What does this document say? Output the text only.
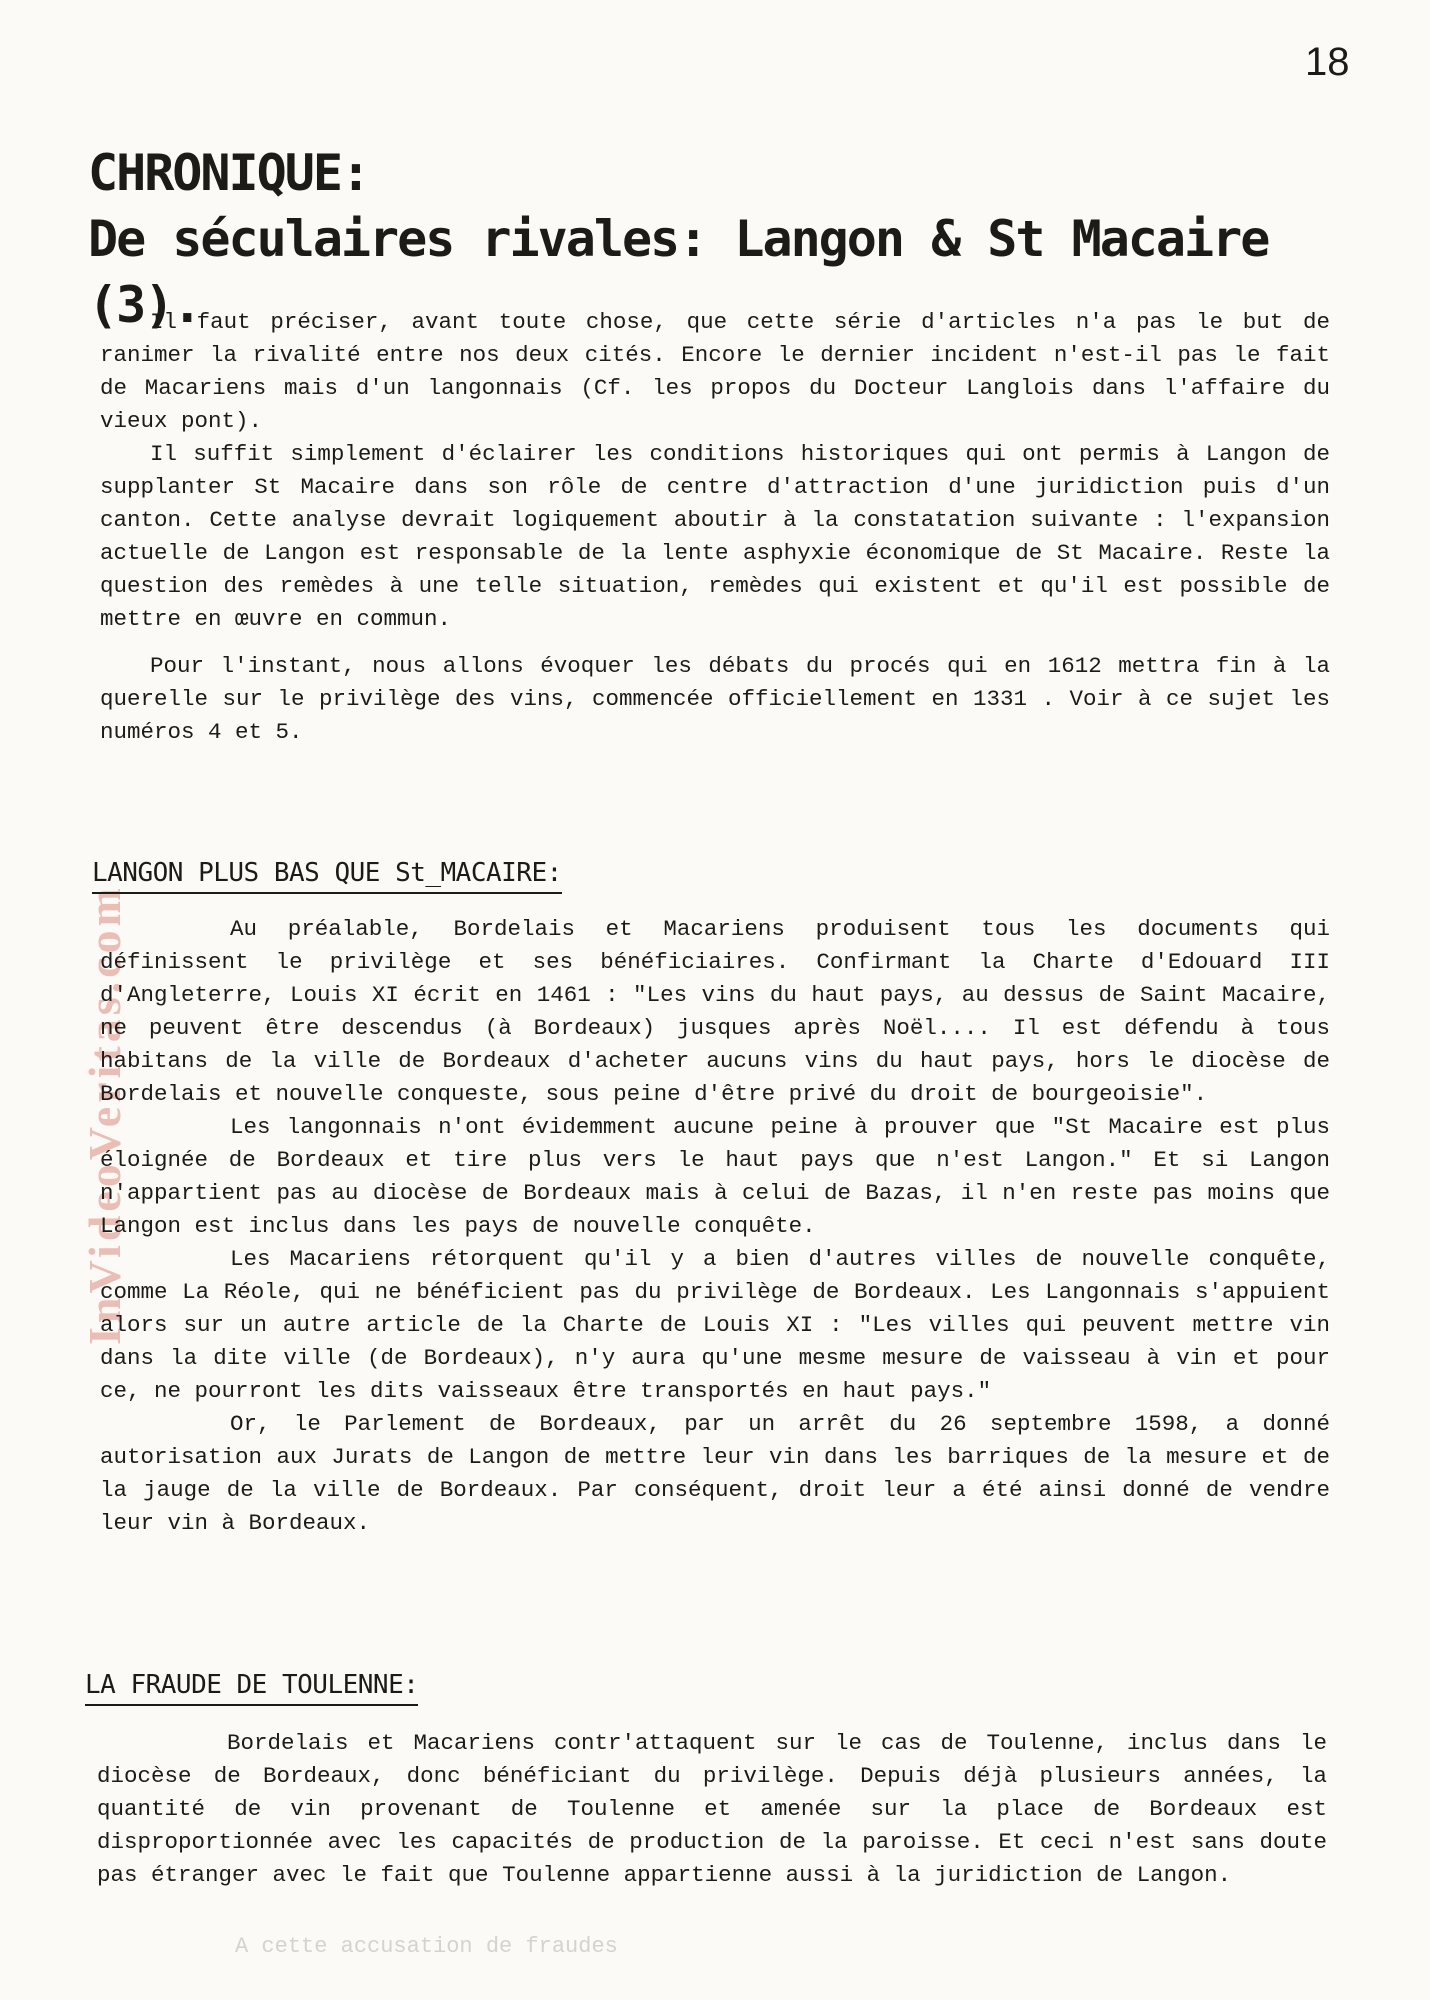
18
CHRONIQUE:
De séculaires rivales: Langon & St Macaire (3).

Il faut préciser, avant toute chose, que cette série d'articles n'a pas le but de ranimer la rivalité entre nos deux cités. Encore le dernier incident n'est-il pas le fait de Macariens mais d'un langonnais (Cf. les propos du Docteur Langlois dans l'affaire du vieux pont).

Il suffit simplement d'éclairer les conditions historiques qui ont permis à Langon de supplanter St Macaire dans son rôle de centre d'attraction d'une juridiction puis d'un canton. Cette analyse devrait logiquement aboutir à la constatation suivante : l'expansion actuelle de Langon est responsable de la lente asphyxie économique de St Macaire. Reste la question des remèdes à une telle situation, remèdes qui existent et qu'il est possible de mettre en œuvre en commun.

Pour l'instant, nous allons évoquer les débats du procés qui en 1612 mettra fin à la querelle sur le privilège des vins, commencée officiellement en 1331 . Voir à ce sujet les numéros 4 et 5.

InVideoVeritas.com
LANGON PLUS BAS QUE St_MACAIRE:

Au préalable, Bordelais et Macariens produisent tous les documents qui définissent le privilège et ses bénéficiaires. Confirmant la Charte d'Edouard III d'Angleterre, Louis XI écrit en 1461 : "Les vins du haut pays, au dessus de Saint Macaire, ne peuvent être descendus (à Bordeaux) jusques après Noël.... Il est défendu à tous habitans de la ville de Bordeaux d'acheter aucuns vins du haut pays, hors le diocèse de Bordelais et nouvelle conqueste, sous peine d'être privé du droit de bourgeoisie".

Les langonnais n'ont évidemment aucune peine à prouver que "St Macaire est plus éloignée de Bordeaux et tire plus vers le haut pays que n'est Langon." Et si Langon n'appartient pas au diocèse de Bordeaux mais à celui de Bazas, il n'en reste pas moins que Langon est inclus dans les pays de nouvelle conquête.

Les Macariens rétorquent qu'il y a bien d'autres villes de nouvelle conquête, comme La Réole, qui ne bénéficient pas du privilège de Bordeaux. Les Langonnais s'appuient alors sur un autre article de la Charte de Louis XI : "Les villes qui peuvent mettre vin dans la dite ville (de Bordeaux), n'y aura qu'une mesme mesure de vaisseau à vin et pour ce, ne pourront les dits vaisseaux être transportés en haut pays."

Or, le Parlement de Bordeaux, par un arrêt du 26 septembre 1598, a donné autorisation aux Jurats de Langon de mettre leur vin dans les barriques de la mesure et de la jauge de la ville de Bordeaux. Par conséquent, droit leur a été ainsi donné de vendre leur vin à Bordeaux.

LA FRAUDE DE TOULENNE:

Bordelais et Macariens contr'attaquent sur le cas de Toulenne, inclus dans le diocèse de Bordeaux, donc bénéficiant du privilège. Depuis déjà plusieurs années, la quantité de vin provenant de Toulenne et amenée sur la place de Bordeaux est disproportionnée avec les capacités de production de la paroisse. Et ceci n'est sans doute pas étranger avec le fait que Toulenne appartienne aussi à la juridiction de Langon.

A cette accusation de fraudes
